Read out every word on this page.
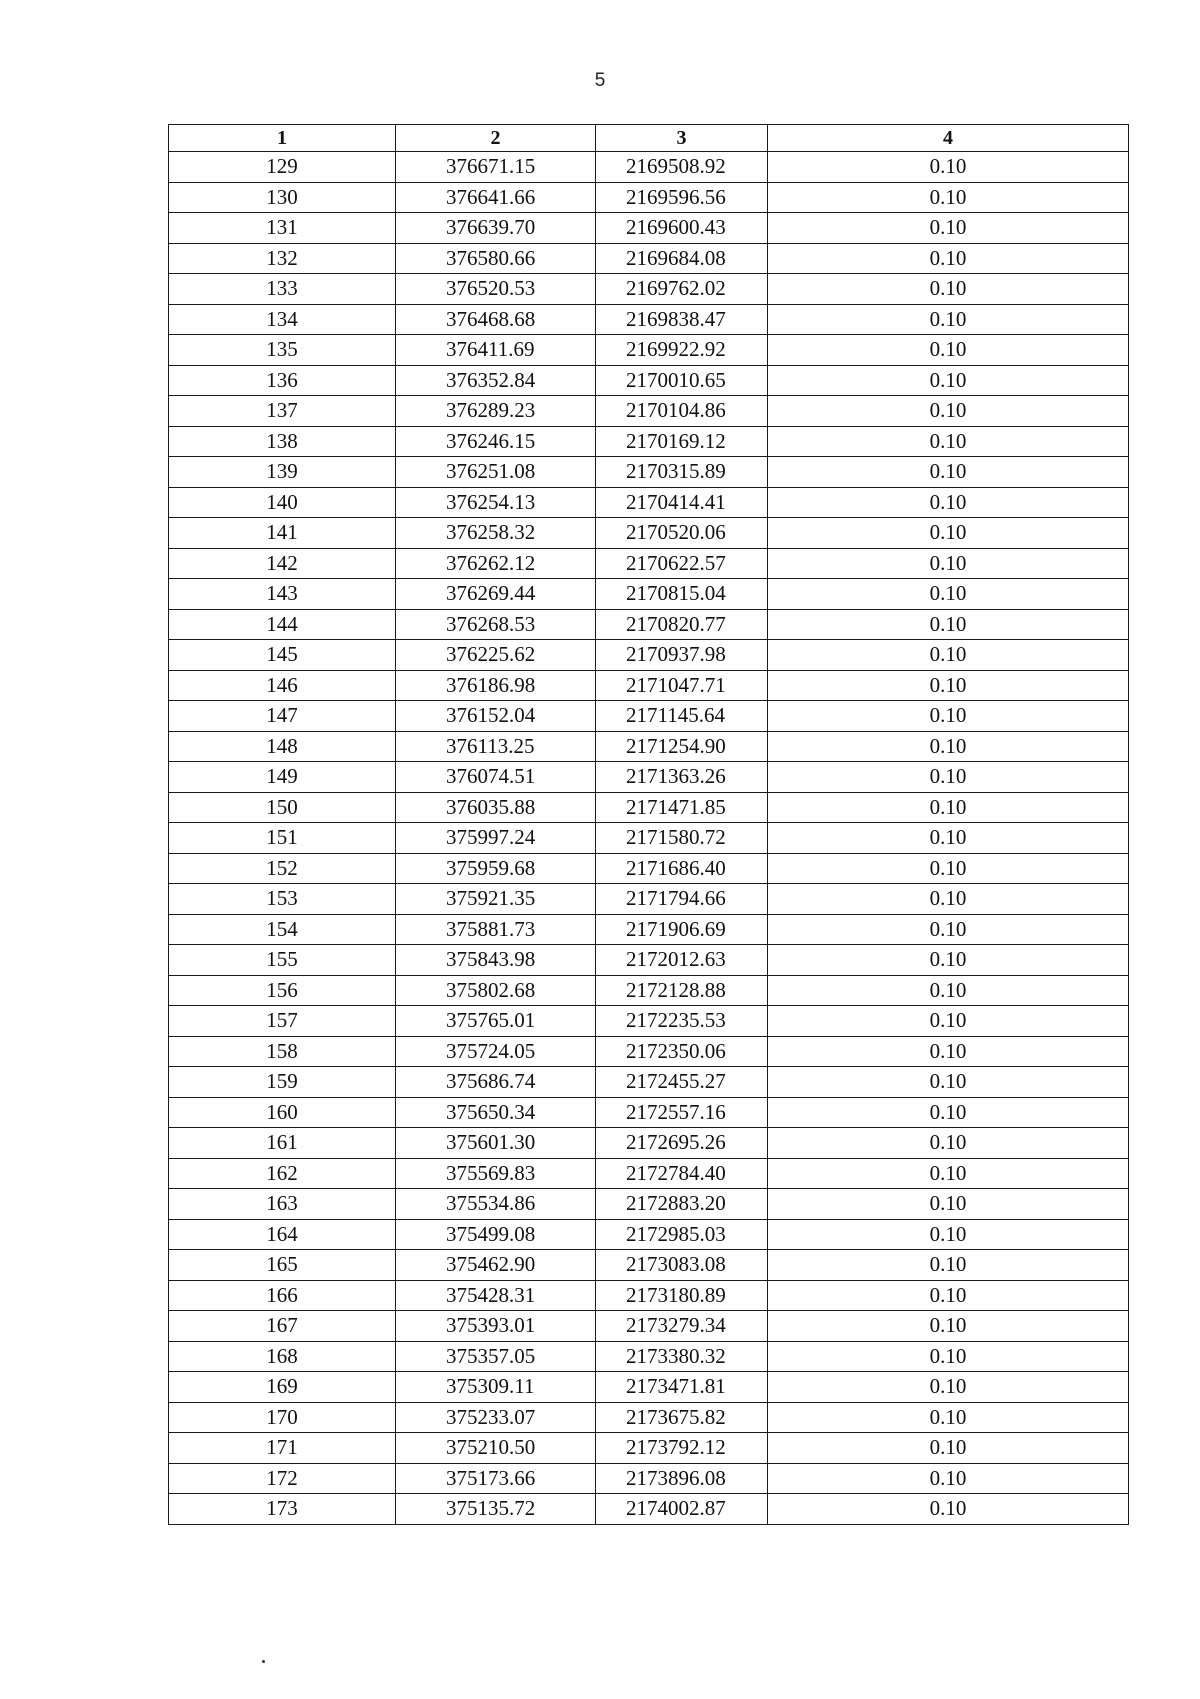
5
1	2	3	4
129	376671.15	2169508.92	0.10
130	376641.66	2169596.56	0.10
131	376639.70	2169600.43	0.10
132	376580.66	2169684.08	0.10
133	376520.53	2169762.02	0.10
134	376468.68	2169838.47	0.10
135	376411.69	2169922.92	0.10
136	376352.84	2170010.65	0.10
137	376289.23	2170104.86	0.10
138	376246.15	2170169.12	0.10
139	376251.08	2170315.89	0.10
140	376254.13	2170414.41	0.10
141	376258.32	2170520.06	0.10
142	376262.12	2170622.57	0.10
143	376269.44	2170815.04	0.10
144	376268.53	2170820.77	0.10
145	376225.62	2170937.98	0.10
146	376186.98	2171047.71	0.10
147	376152.04	2171145.64	0.10
148	376113.25	2171254.90	0.10
149	376074.51	2171363.26	0.10
150	376035.88	2171471.85	0.10
151	375997.24	2171580.72	0.10
152	375959.68	2171686.40	0.10
153	375921.35	2171794.66	0.10
154	375881.73	2171906.69	0.10
155	375843.98	2172012.63	0.10
156	375802.68	2172128.88	0.10
157	375765.01	2172235.53	0.10
158	375724.05	2172350.06	0.10
159	375686.74	2172455.27	0.10
160	375650.34	2172557.16	0.10
161	375601.30	2172695.26	0.10
162	375569.83	2172784.40	0.10
163	375534.86	2172883.20	0.10
164	375499.08	2172985.03	0.10
165	375462.90	2173083.08	0.10
166	375428.31	2173180.89	0.10
167	375393.01	2173279.34	0.10
168	375357.05	2173380.32	0.10
169	375309.11	2173471.81	0.10
170	375233.07	2173675.82	0.10
171	375210.50	2173792.12	0.10
172	375173.66	2173896.08	0.10
173	375135.72	2174002.87	0.10
